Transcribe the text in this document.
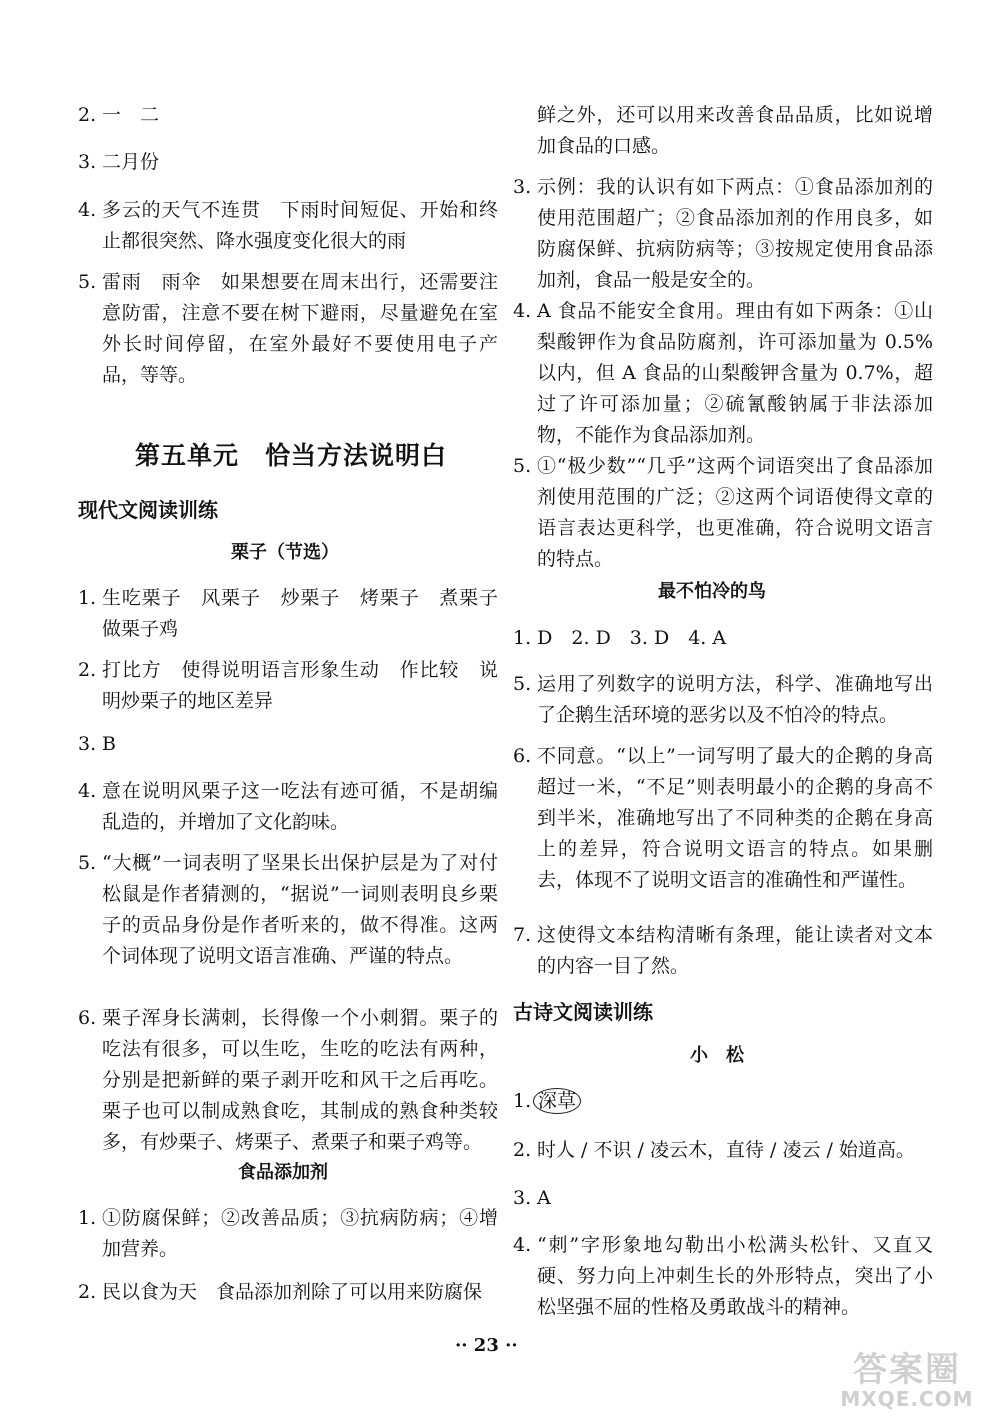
2. 一　二
3. 二月份
4. 多云的天气不连贯　下雨时间短促、开始和终止都很突然、降水强度变化很大的雨
5. 雷雨　雨伞　如果想要在周末出行，还需要注意防雷，注意不要在树下避雨，尽量避免在室外长时间停留，在室外最好不要使用电子产品，等等。
现代文阅读训练
栗子（节选）
1. 生吃栗子　风栗子　炒栗子　烤栗子　煮栗子　做栗子鸡
2. 打比方　使得说明语言形象生动　作比较　说明炒栗子的地区差异
3. B
4. 意在说明风栗子这一吃法有迹可循，不是胡编乱造的，并增加了文化韵味。
5. “大概”一词表明了坚果长出保护层是为了对付松鼠是作者猜测的，“据说”一词则表明良乡栗子的贡品身份是作者听来的，做不得准。这两个词体现了说明文语言准确、严谨的特点。
6. 栗子浑身长满刺，长得像一个小刺猬。栗子的吃法有很多，可以生吃，生吃的吃法有两种，分别是把新鲜的栗子剥开吃和风干之后再吃。栗子也可以制成熟食吃，其制成的熟食种类较多，有炒栗子、烤栗子、煮栗子和栗子鸡等。
食品添加剂
1. ①防腐保鲜；②改善品质；③抗病防病；④增加营养。
2. 民以食为天　食品添加剂除了可以用来防腐保
第五单元　恰当方法说明白
鲜之外，还可以用来改善食品品质，比如说增加食品的口感。
3. 示例：我的认识有如下两点：①食品添加剂的使用范围超广；②食品添加剂的作用良多，如防腐保鲜、抗病防病等；③按规定使用食品添加剂，食品一般是安全的。
4. A 食品不能安全食用。理由有如下两条：①山梨酸钾作为食品防腐剂，许可添加量为 0.5% 以内，但 A 食品的山梨酸钾含量为 0.7%，超过了许可添加量；②硫氰酸钠属于非法添加物，不能作为食品添加剂。
5. ①“极少数”“几乎”这两个词语突出了食品添加剂使用范围的广泛；②这两个词语使得文章的语言表达更科学，也更准确，符合说明文语言的特点。
最不怕冷的鸟
1. D　2. D　3. D　4. A
5. 运用了列数字的说明方法，科学、准确地写出了企鹅生活环境的恶劣以及不怕冷的特点。
6. 不同意。“以上”一词写明了最大的企鹅的身高超过一米，“不足”则表明最小的企鹅的身高不到半米，准确地写出了不同种类的企鹅在身高上的差异，符合说明文语言的特点。如果删去，体现不了说明文语言的准确性和严谨性。
7. 这使得文本结构清晰有条理，能让读者对文本的内容一目了然。
古诗文阅读训练
小　松
1. 深草
2. 时人 / 不识 / 凌云木，直待 / 凌云 / 始道高。
3. A
4. “刺”字形象地勾勒出小松满头松针、又直又硬、努力向上冲刺生长的外形特点，突出了小松坚强不屈的性格及勇敢战斗的精神。
·· 23 ··
答案圈
MXQE.COM
